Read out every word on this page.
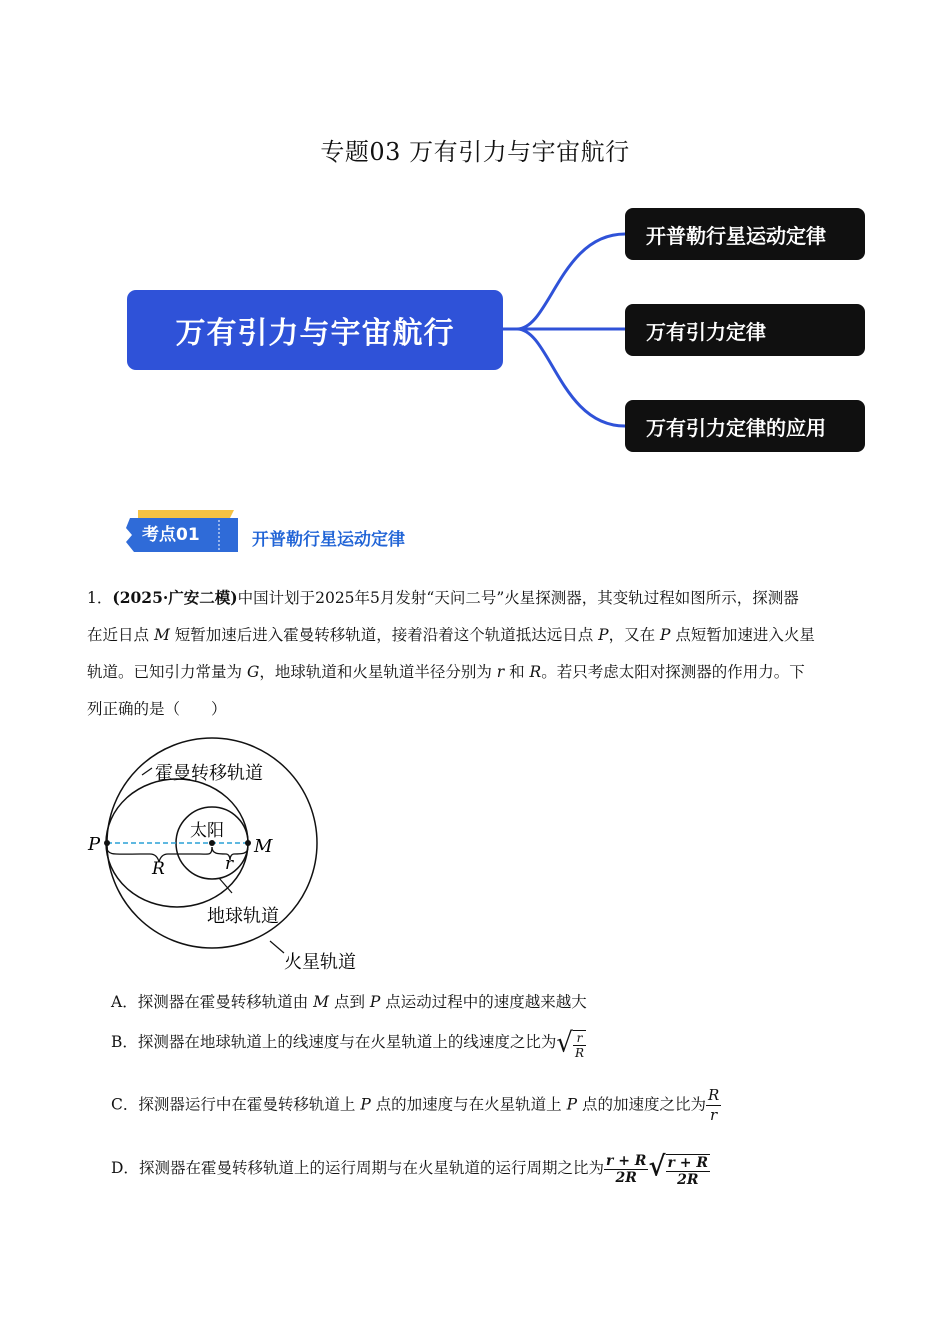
专题03 万有引力与宇宙航行
万有引力与宇宙航行
开普勒行星运动定律
万有引力定律
万有引力定律的应用
考点01	开普勒行星运动定律
1．(2025·广安二模)中国计划于2025年5月发射“天问二号”火星探测器，其变轨过程如图所示，探测器
在近日点 M 短暂加速后进入霍曼转移轨道，接着沿着这个轨道抵达远日点 P，又在 P 点短暂加速进入火星
轨道。已知引力常量为 G，地球轨道和火星轨道半径分别为 r 和 R。若只考虑太阳对探测器的作用力。下
列正确的是（　　）
霍曼转移轨道
太阳
地球轨道
火星轨道
P	M
R	r
A．探测器在霍曼转移轨道由 M 点到 P 点运动过程中的速度越来越大
B．探测器在地球轨道上的线速度与在火星轨道上的线速度之比为 √ $\frac{r}{R}$
C．探测器运行中在霍曼转移轨道上 P 点的加速度与在火星轨道上 P 点的加速度之比为 $\frac{R}{r}$
D．探测器在霍曼转移轨道上的运行周期与在火星轨道的运行周期之比为 $\frac{r + R}{2R}$ √ $\frac{r + R}{2R}$
